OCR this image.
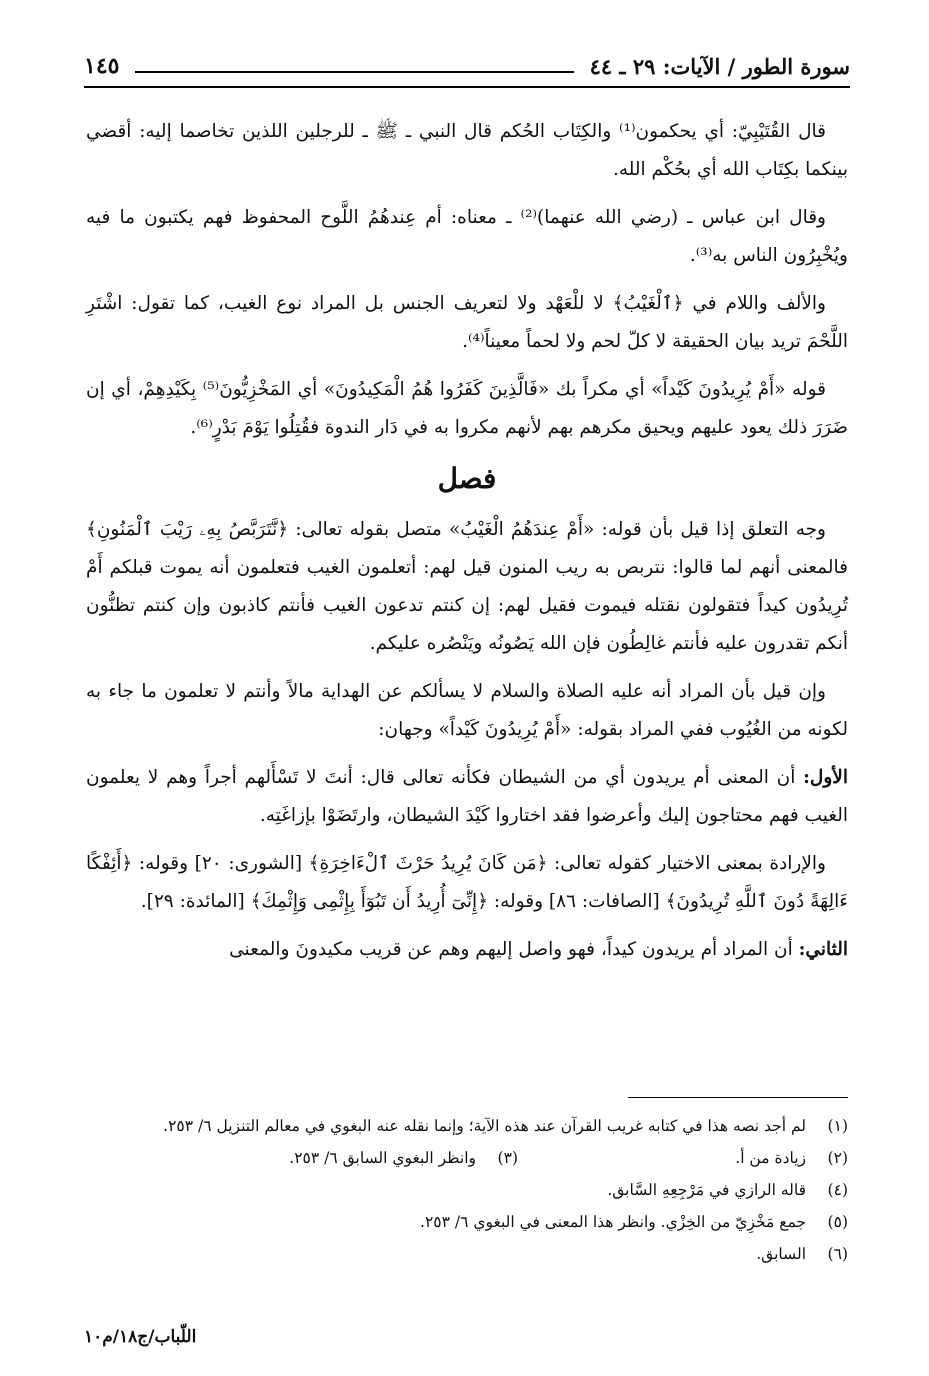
سورة الطور / الآيات: ٢٩ ـ ٤٤
١٤٥

قال القُتَيْبِيّ: أي يحكمون⁽¹⁾ والكِتَاب الحُكم قال النبي ـ ﷺ ـ للرجلين اللذين تخاصما إليه: أقضي بينكما بكِتَاب الله أي بحُكْم الله.

وقال ابن عباس ـ (رضي الله عنهما)⁽²⁾ ـ معناه: أم عِندهُمُ اللَّوح المحفوظ فهم يكتبون ما فيه ويُخْبِرُون الناس به⁽³⁾.

والألف واللام في ﴿ٱلْغَيْبُ﴾ لا للْعَهْد ولا لتعريف الجنس بل المراد نوع الغيب، كما تقول: اشْتَرِ اللَّحْمَ تريد بيان الحقيقة لا كلّ لحم ولا لحماً معيناً⁽⁴⁾.

قوله «أَمْ يُرِيدُونَ كَيْداً» أي مكراً بك «فَالَّذِينَ كَفَرُوا هُمُ الْمَكِيدُونَ» أي المَخْزِيُّونَ⁽⁵⁾ بِكَيْدِهِمْ، أي إن ضَرَرَ ذلك يعود عليهم ويحيق مكرهم بهم لأنهم مكروا به في دَار الندوة فقُتِلُوا يَوْمَ بَدْرٍ⁽⁶⁾.

فصل

وجه التعلق إذا قيل بأن قوله: «أَمْ عِندَهُمُ الْغَيْبُ» متصل بقوله تعالى: ﴿نَّتَرَبَّصُ بِهِۦ رَيْبَ ٱلْمَنُونِ﴾ فالمعنى أنهم لما قالوا: نتربص به ريب المنون قيل لهم: أتعلمون الغيب فتعلمون أنه يموت قبلكم أَمْ تُرِيدُون كيداً فتقولون نقتله فيموت فقيل لهم: إن كنتم تدعون الغيب فأنتم كاذبون وإن كنتم تظنُّون أنكم تقدرون عليه فأنتم غالِطُون فإن الله يَصُونُه ويَنْصُره عليكم.

وإن قيل بأن المراد أنه عليه الصلاة والسلام لا يسألكم عن الهداية مالاً وأنتم لا تعلمون ما جاء به لكونه من الغُيُوب ففي المراد بقوله: «أَمْ يُرِيدُونَ كَيْداً» وجهان:

الأول: أن المعنى أم يريدون أي من الشيطان فكأنه تعالى قال: أنتَ لا تَسْأَلهم أجراً وهم لا يعلمون الغيب فهم محتاجون إليك وأعرضوا فقد اختاروا كَيْدَ الشيطان، وارتَضَوْا بإزاغَتِه.

والإرادة بمعنى الاختيار كقوله تعالى: ﴿مَن كَانَ يُرِيدُ حَرْثَ ٱلْءَاخِرَةِ﴾ [الشورى: ٢٠] وقوله: ﴿أَئِفْكًا ءَالِهَةً دُونَ ٱللَّهِ تُرِيدُونَ﴾ [الصافات: ٨٦] وقوله: ﴿إِنِّىٓ أُرِيدُ أَن تَبُوٓأَ بِإِثْمِى وَإِثْمِكَ﴾ [المائدة: ٢٩].

الثاني: أن المراد أم يريدون كيداً، فهو واصل إليهم وهم عن قريب مكيدونَ والمعنى

(١)
لم أجد نصه هذا في كتابه غريب القرآن عند هذه الآية؛ وإنما نقله عنه البغوي في معالم التنزيل ٦/ ٢٥٣.
(٢)
زيادة من أ.
(٣)
وانظر البغوي السابق ٦/ ٢٥٣.
(٤)
قاله الرازي في مَرْجِعِهِ السَّابق.
(٥)
جمع مَخْزِيّ من الخِزْي. وانظر هذا المعنى في البغوي ٦/ ٢٥٣.
(٦)
السابق.
اللّباب/ج١٨/م١٠
